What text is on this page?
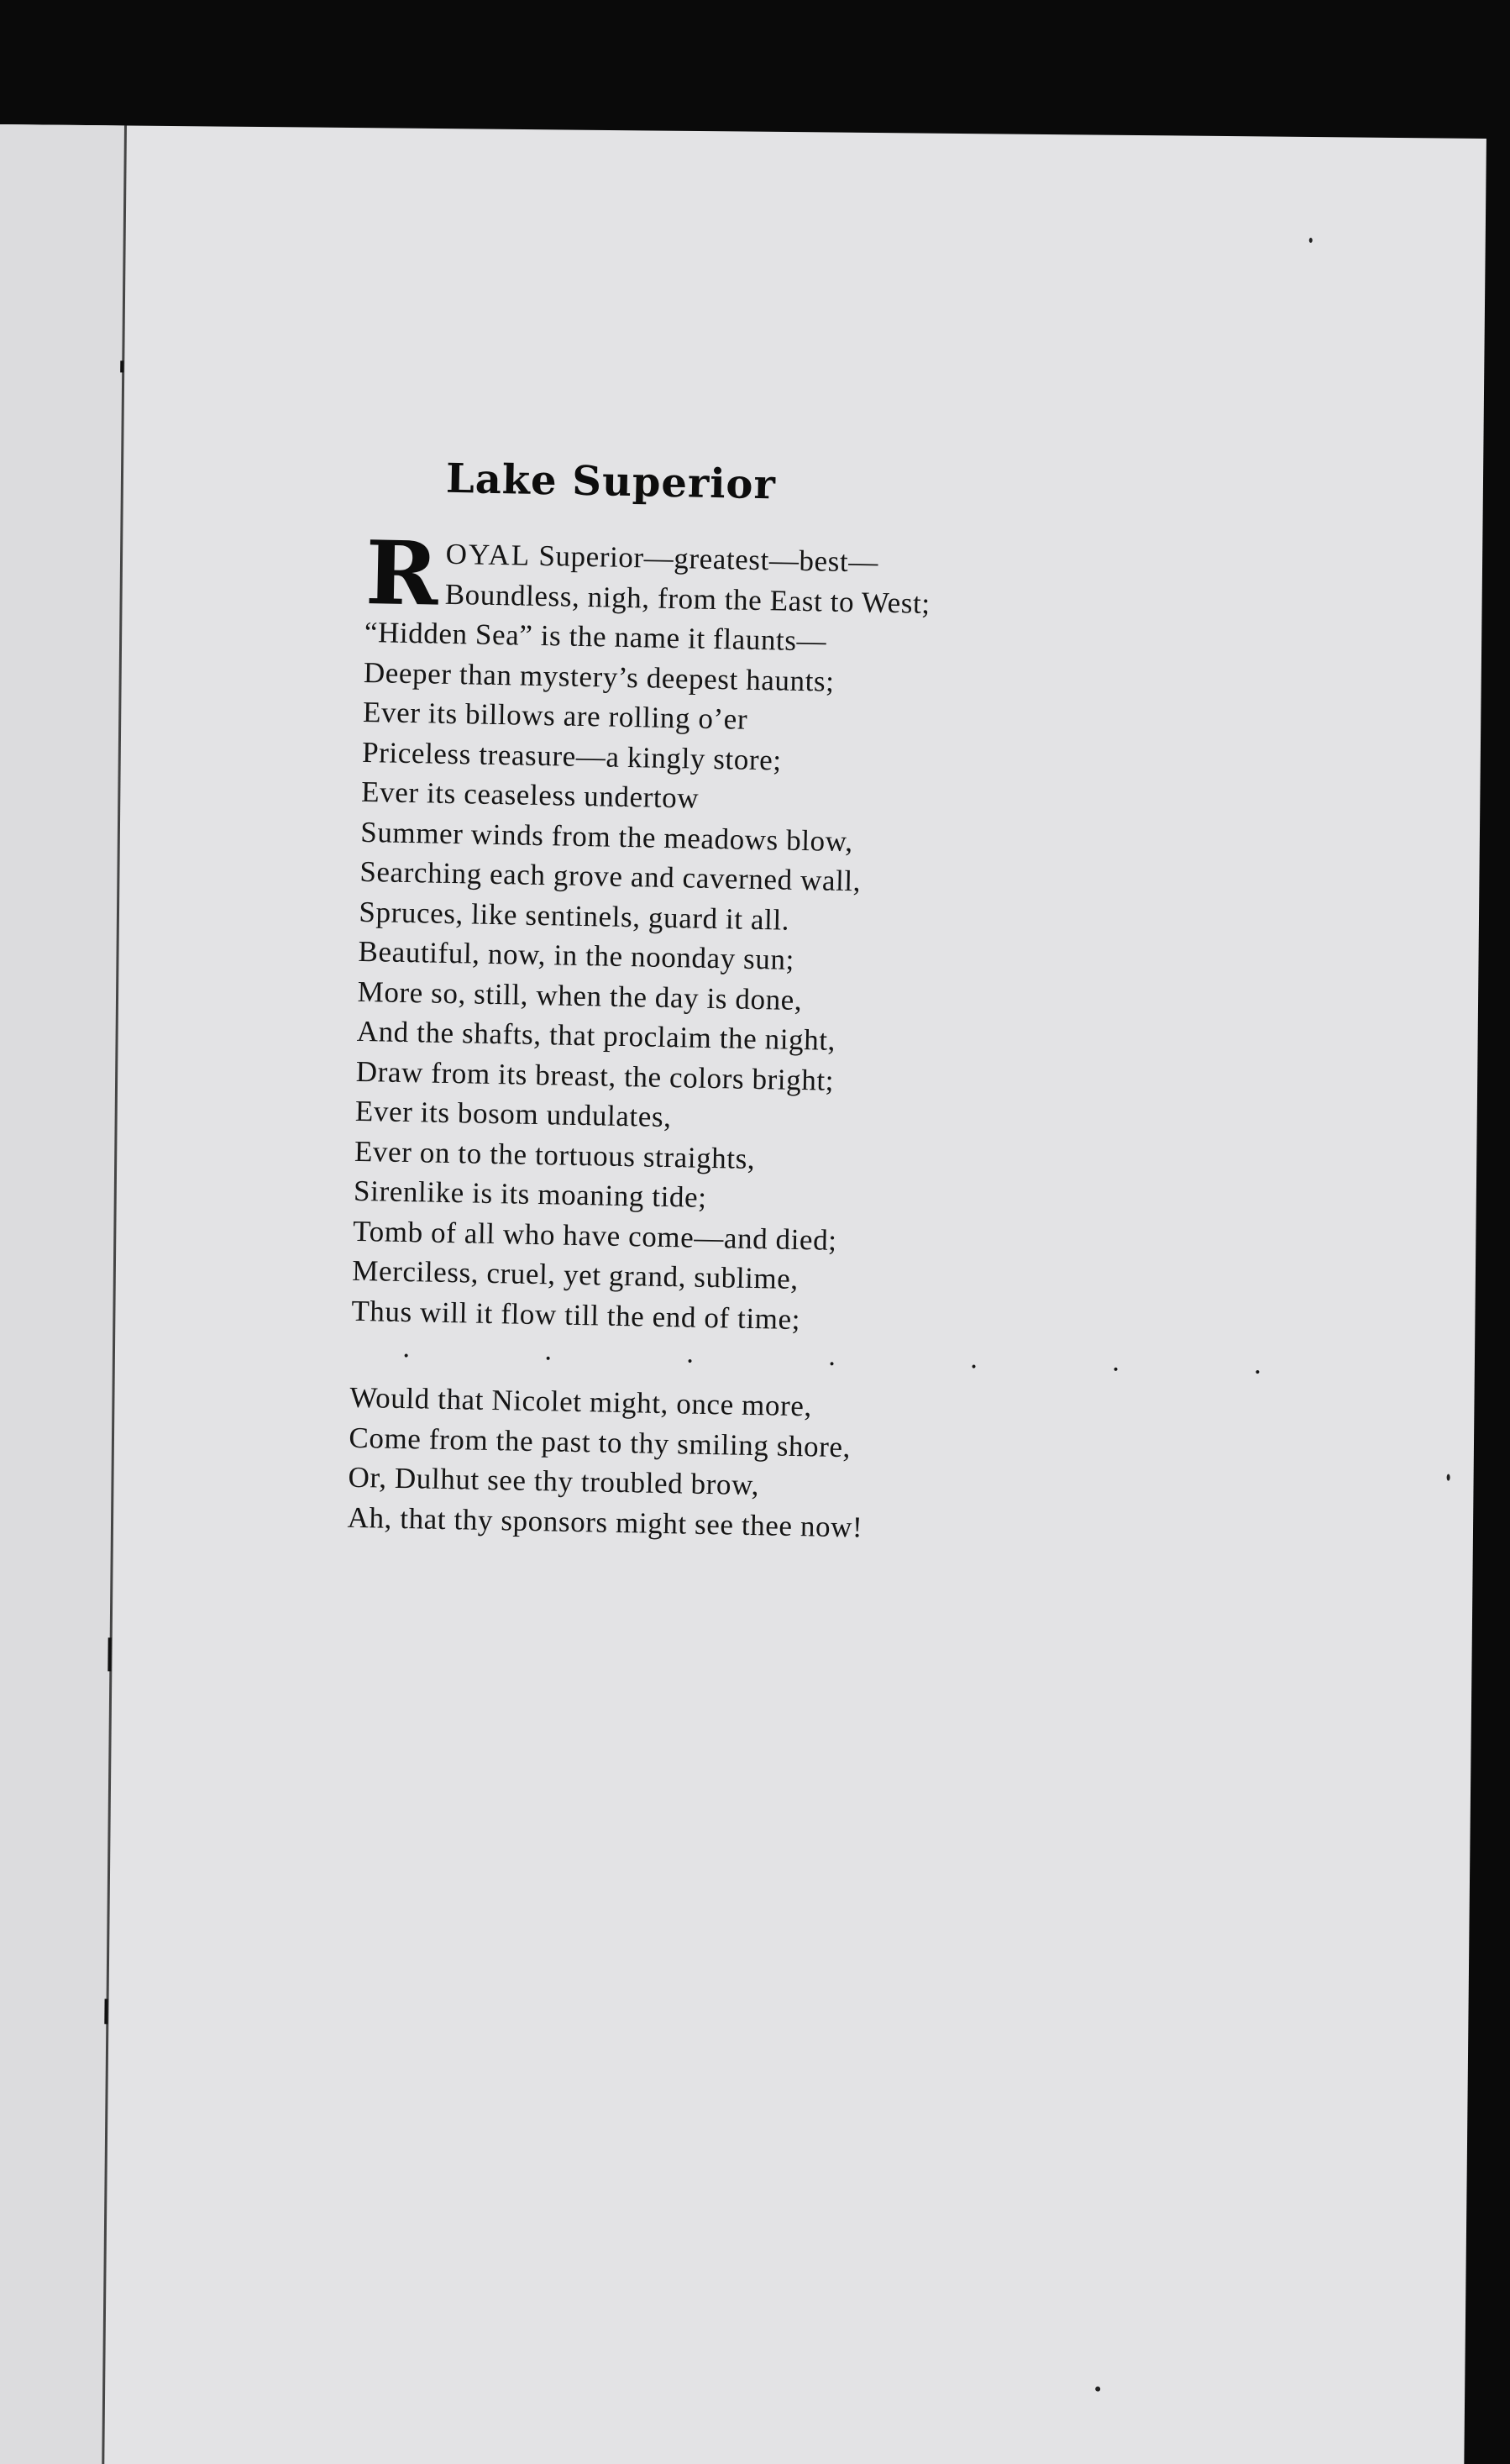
Lake Superior
R OYAL Superior—greatest—best—
Boundless, nigh, from the East to West;
“Hidden Sea” is the name it flaunts—
Deeper than mystery’s deepest haunts;
Ever its billows are rolling o’er
Priceless treasure—a kingly store;
Ever its ceaseless undertow
Summer winds from the meadows blow,
Searching each grove and caverned wall,
Spruces, like sentinels, guard it all.
Beautiful, now, in the noonday sun;
More so, still, when the day is done,
And the shafts, that proclaim the night,
Draw from its breast, the colors bright;
Ever its bosom undulates,
Ever on to the tortuous straights,
Sirenlike is its moaning tide;
Tomb of all who have come—and died;
Merciless, cruel, yet grand, sublime,
Thus will it flow till the end of time;
. . . . . . .
Would that Nicolet might, once more,
Come from the past to thy smiling shore,
Or, Dulhut see thy troubled brow,
Ah, that thy sponsors might see thee now!
